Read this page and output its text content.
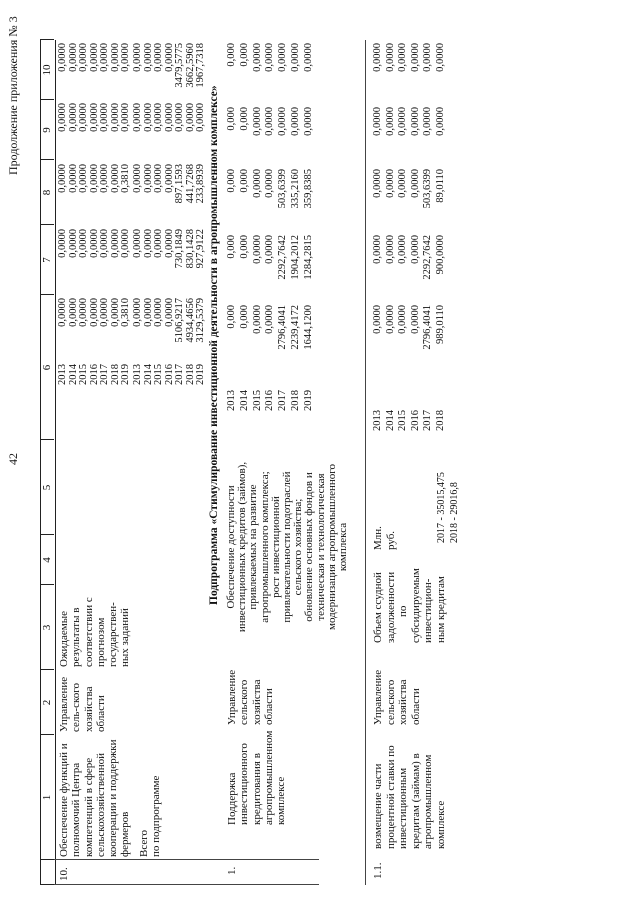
42
Продолжение приложения № 3
1
2
3
4
5
6
7
8
9
10
10.
Обеспечение функций и полномочий Центра компетенций в сфере сельскохозяйственной кооперации и поддержки фермеров
Управление сель-ского хозяйства области
Ожидаемые результаты в соответствии с прогнозом государствен- ных заданий
2013 2014 2015 2016 2017 2018 2019
0,0000 0,0000 0,0000 0,0000 0,0000 0,0000 0,3810
0,0000 0,0000 0,0000 0,0000 0,0000 0,0000 0,0000
0,0000 0,0000 0,0000 0,0000 0,0000 0,0000 0,3810
0,0000 0,0000 0,0000 0,0000 0,0000 0,0000 0,0000
0,0000 0,0000 0,0000 0,0000 0,0000 0,0000 0,0000
Всего по подпрограмме
2013 2014 2015 2016 2017 2018 2019
0,0000 0,0000 0,0000 0,0000 5106,9217 4934,4656 3129,5379
0,0000 0,0000 0,0000 0,0000 730,1849 830,1428 927,9122
0,0000 0,0000 0,0000 0,0000 897,1593 441,7268 233,8939
0,0000 0,0000 0,0000 0,0000 0,0000 0,0000 0,0000
0,0000 0,0000 0,0000 0,0000 3479,5775 3662,5960 1967,7318
Подпрограмма «Стимулирование инвестиционной деятельности в агропромышленном комплексе»
1.
Поддержка инвестиционного кредитования в агропромышленном комплексе
Управление сельского хозяйства области
Обеспечение доступности инвестиционных кредитов (займов), привлекаемых на развитие агропромышленного комплекса; рост инвестиционной привлекательности подотраслей сельского хозяйства; обновление основных фондов и техническая и технологическая модернизация агропромышленного комплекса
2013 2014 2015 2016 2017 2018 2019
0,000 0,000 0,0000 0,0000 2796,4041 2239,4172 1644,1200
0,000 0,000 0,0000 0,0000 2292,7642 1904,2012 1284,2815
0,000 0,000 0,0000 0,0000 503,6399 335,2160 359,8385
0,000 0,000 0,0000 0,0000 0,0000 0,0000 0,0000
0,000 0,000 0,0000 0,0000 0,0000 0,0000 0,0000
1.1.
возмещение части процентной ставки по инвестиционным кредитам (займам) в агропромышленном комплексе
Управление сельского хозяйства области
Объем ссудной задолженности по субсидируемым инвестицион- ным кредитам
Млн. руб.	2017 - 35015,475 2018 - 29016,8
2013 2014 2015 2016 2017 2018
0,0000 0,0000 0,0000 0,0000 2796,4041 989,0110
0,0000 0,0000 0,0000 0,0000 2292,7642 900,0000
0,0000 0,0000 0,0000 0,0000 503,6399 89,0110
0,0000 0,0000 0,0000 0,0000 0,0000 0,0000
0,0000 0,0000 0,0000 0,0000 0,0000 0,0000
